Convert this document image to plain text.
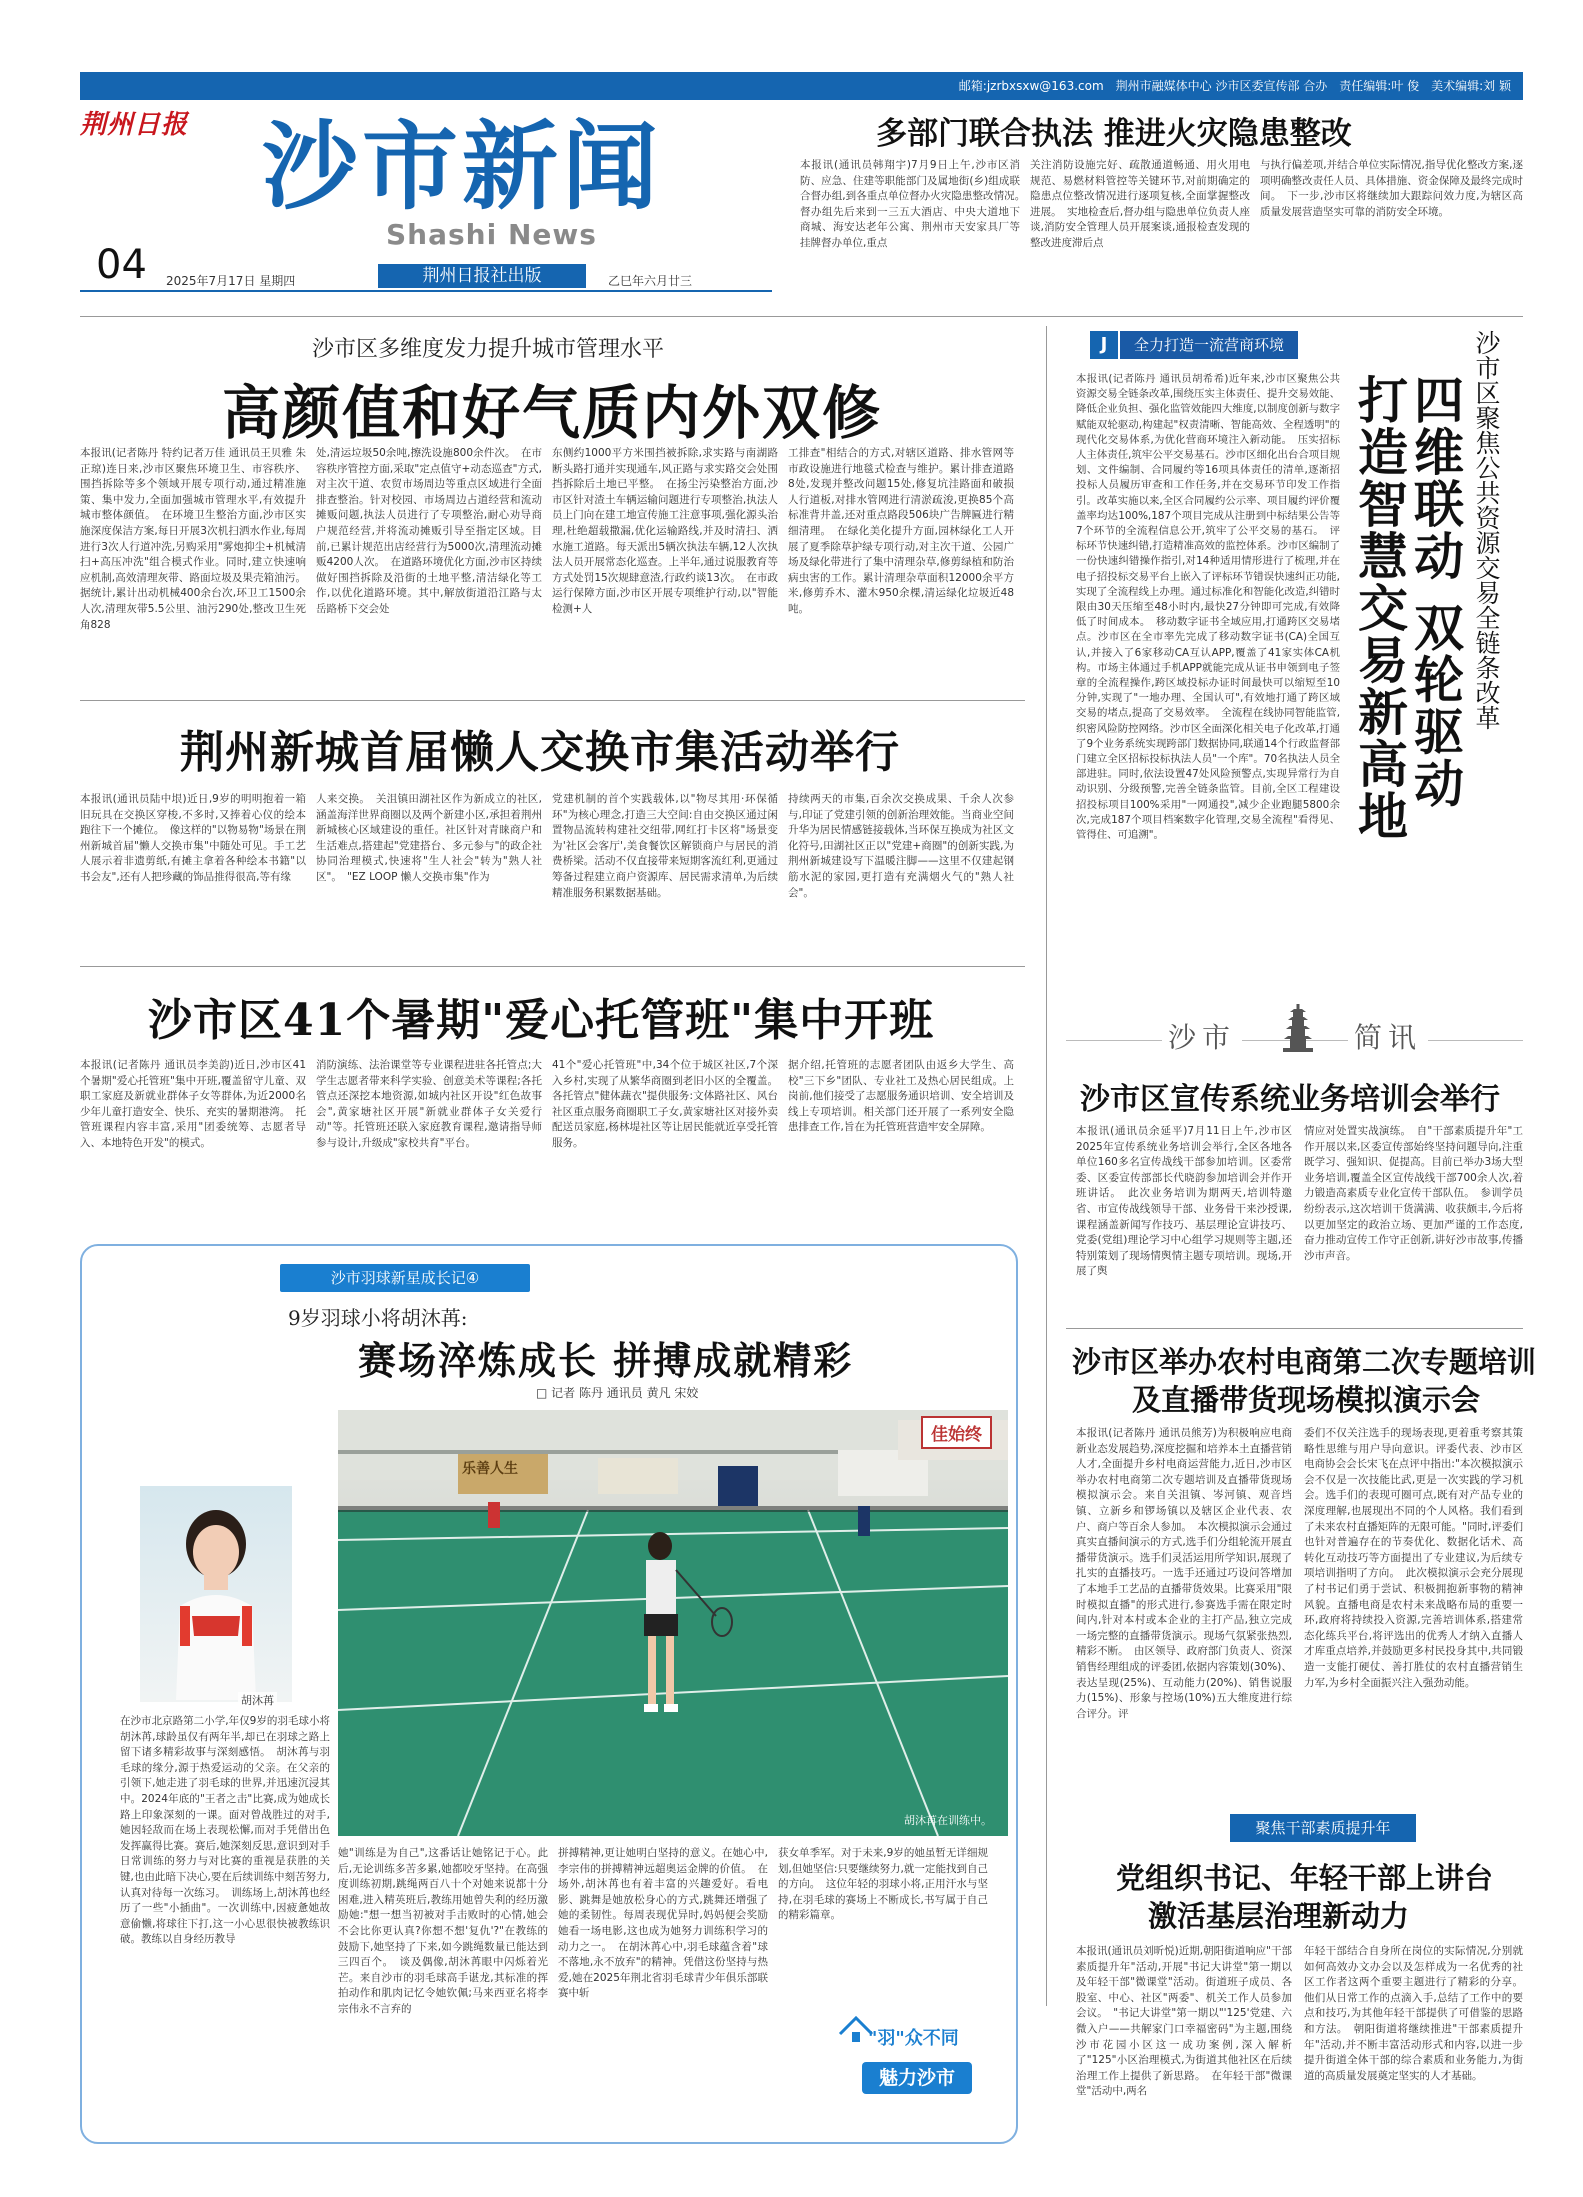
邮箱:jzrbxsxw@163.com　荆州市融媒体中心 沙市区委宣传部 合办　责任编辑:叶 俊　美术编辑:刘 颖
荆州日报 沙市新闻
Shashi News
04 2025年7月17日 星期四	荆州日报社出版	乙巳年六月廿三
多部门联合执法 推进火灾隐患整改
本报讯(通讯员韩翔宇)7月9日上午,沙市区消防、应急、住建等职能部门及属地街(乡)组成联合督办组,到各重点单位督办火灾隐患整改情况。　督办组先后来到一三五大酒店、中央大道地下商城、海安达老年公寓、荆州市天安家具厂等挂牌督办单位,重点
关注消防设施完好、疏散通道畅通、用火用电规范、易燃材料管控等关键环节,对前期确定的隐患点位整改情况进行逐项复核,全面掌握整改进展。　实地检查后,督办组与隐患单位负责人座谈,消防安全管理人员开展案谈,通报检查发现的整改进度滞后点
与执行偏差项,并结合单位实际情况,指导优化整改方案,逐项明确整改责任人员、具体措施、资金保障及最终完成时间。　下一步,沙市区将继续加大跟踪问效力度,为辖区高质量发展营造坚实可靠的消防安全环境。
沙市区多维度发力提升城市管理水平
高颜值和好气质内外双修
本报讯(记者陈丹 特约记者万佳 通讯员王贝雅 朱正琼)连日来,沙市区聚焦环境卫生、市容秩序、围挡拆除等多个领域开展专项行动,通过精准施策、集中发力,全面加强城市管理水平,有效提升城市整体颜值。　在环境卫生整治方面,沙市区实施深度保洁方案,每日开展3次机扫洒水作业,每周进行3次人行道冲洗,另购采用"雾炮抑尘+机械清扫+高压冲洗"组合模式作业。同时,建立快速响应机制,高效清理灰带、路面垃圾及果壳箱油污。据统计,累计出动机械400余台次,环卫工1500余人次,清理灰带5.5公里、油污290处,整改卫生死角828
处,清运垃圾50余吨,擦洗设施800余件次。　在市容秩序管控方面,采取"定点值守+动态巡查"方式,对主次干道、农贸市场周边等重点区域进行全面排查整治。针对校园、市场周边占道经营和流动摊贩问题,执法人员进行了专项整治,耐心劝导商户规范经营,并将流动摊贩引导至指定区域。目前,已累计规范出店经营行为5000次,清理流动摊贩4200人次。　在道路环境优化方面,沙市区持续做好围挡拆除及沿街的土地平整,清洁绿化等工作,以优化道路环境。其中,解放街道沿江路与太岳路桥下交会处
东侧约1000平方米围挡被拆除,求实路与南湖路断头路打通并实现通车,风正路与求实路交会处围挡拆除后土地已平整。　在扬尘污染整治方面,沙市区针对渣土车辆运输问题进行专项整治,执法人员上门向在建工地宣传施工注意事项,强化源头治理,杜绝超载撒漏,优化运输路线,并及时清扫、洒水施工道路。每天派出5辆次执法车辆,12人次执法人员开展常态化巡查。上半年,通过说服教育等方式处罚15次规肆意渣,行政约谈13次。　在市政运行保障方面,沙市区开展专项维护行动,以"智能检测+人
工排查"相结合的方式,对辖区道路、排水管网等市政设施进行地毯式检查与维护。累计排查道路8处,发现并整改问题15处,修复坑洼路面和破损人行道板,对排水管网进行清淤疏浚,更换85个高标准背井盖,还对重点路段506块广告牌匾进行精细清理。　在绿化美化提升方面,园林绿化工人开展了夏季除草护绿专项行动,对主次干道、公园广场及绿化带进行了集中清理杂草,修剪绿植和防治病虫害的工作。累计清理杂草面积12000余平方米,修剪乔木、灌木950余棵,清运绿化垃圾近48吨。
荆州新城首届懒人交换市集活动举行
本报讯(通讯员陆中垠)近日,9岁的明明抱着一箱旧玩具在交换区穿梭,不多时,又捧着心仪的绘本跑往下一个摊位。　像这样的"以物易物"场景在荆州新城首届"懒人交换市集"中随处可见。手工艺人展示着非遗剪纸,有摊主拿着各种绘本书籍"以书会友",还有人把珍藏的饰品推得很高,等有缘
人来交换。　关沮镇田湖社区作为新成立的社区,涵盖海洋世界商圈以及两个新建小区,承担着荆州新城核心区域建设的重任。社区针对青睐商户和生活难点,搭建起"党建搭台、多元参与"的政企社协同治理模式,快速将"生人社会"转为"熟人社区"。　"EZ LOOP 懒人交换市集"作为
党建机制的首个实践载体,以"物尽其用·环保循环"为核心理念,打造三大空间:自由交换区通过闲置物品流转构建社交纽带,网红打卡区将"场景变为'社区会客厅',美食餐饮区解锁商户与居民的消费桥梁。活动不仅直接带来短期客流红利,更通过筹备过程建立商户资源库、居民需求清单,为后续精准服务积累数据基础。
持续两天的市集,百余次交换成果、千余人次参与,印证了党建引领的创新治理效能。当商业空间升华为居民情感链接载体,当环保互换成为社区文化符号,田湖社区正以"党建+商圈"的创新实践,为荆州新城建设写下温暖注脚——这里不仅建起钢筋水泥的家园,更打造有充满烟火气的"熟人社会"。
沙市区41个暑期"爱心托管班"集中开班
本报讯(记者陈丹 通讯员李美韵)近日,沙市区41个暑期"爱心托管班"集中开班,覆盖留守儿童、双职工家庭及新就业群体子女等群体,为近2000名少年儿童打造安全、快乐、充实的暑期港湾。　托管班课程内容丰富,采用"团委统筹、志愿者导入、本地特色开发"的模式。
消防演练、法治课堂等专业课程进驻各托管点;大学生志愿者带来科学实验、创意美术等课程;各托管点还深挖本地资源,如城内社区开设"红色故事会",黄家塘社区开展"新就业群体子女关爱行动"等。托管班还联入家庭教育课程,邀请指导师参与设计,升级成"家校共育"平台。
41个"爱心托管班"中,34个位于城区社区,7个深入乡村,实现了从繁华商圈到老旧小区的全覆盖。各托管点"健体蔬衣"提供服务:文体路社区、风台社区重点服务商圈职工子女,黄家塘社区对接外卖配送员家庭,杨林堤社区等让居民能就近享受托管服务。
据介绍,托管班的志愿者团队由返乡大学生、高校"三下乡"团队、专业社工及热心居民组成。上岗前,他们接受了志愿服务通识培训、安全培训及线上专项培训。相关部门还开展了一系列安全隐患排查工作,旨在为托管班营造牢安全屏障。
J	全力打造一流营商环境	沙市区聚焦公共资源交易全链条改革
四维联动 双轮驱动
打造智慧交易新高地
本报讯(记者陈丹 通讯员胡希希)近年来,沙市区聚焦公共资源交易全链条改革,围绕压实主体责任、提升交易效能、降低企业负担、强化监管效能四大维度,以制度创新与数字赋能双轮驱动,构建起"权责清晰、智能高效、全程透明"的现代化交易体系,为优化营商环境注入新动能。　压实招标人主体责任,筑牢公平交易基石。沙市区细化出台合项目规划、文件编制、合同履约等16项具体责任的清单,逐渐招投标人员履历审查和工作任务,并在交易环节印发工作指引。改革实施以来,全区合同履约公示率、项目履约评价覆盖率均达100%,187个项目完成从注册到中标结果公告等7个环节的全流程信息公开,筑牢了公平交易的基石。　评标环节快速纠错,打造精准高效的监控体系。沙市区编制了一份快速纠错操作指引,对14种适用情形进行了梳理,并在电子招投标交易平台上嵌入了评标环节错误快速纠正功能,实现了全流程线上办理。通过标准化和智能化改造,纠错时限由30天压缩至48小时内,最快27分钟即可完成,有效降低了时间成本。　移动数字证书全域应用,打通跨区交易堵点。沙市区在全市率先完成了移动数字证书(CA)全国互认,并接入了6家移动CA互认APP,覆盖了41家实体CA机构。市场主体通过手机APP就能完成从证书申领到电子签章的全流程操作,跨区域投标办证时间最快可以缩短至10分钟,实现了"一地办理、全国认可",有效地打通了跨区域交易的堵点,提高了交易效率。　全流程在线协同智能监管,织密风险防控网络。沙市区全面深化相关电子化改革,打通了9个业务系统实现跨部门数据协同,联通14个行政监督部门建立全区招标投标执法人员"一个库"。70名执法人员全部进驻。同时,依法设置47处风险预警点,实现异常行为自动识别、分级预警,完善全链条监管。目前,全区工程建设招投标项目100%采用"一网通投",减少企业跑腿5800余次,完成187个项目档案数字化管理,交易全流程"看得见、管得住、可追溯"。
沙市	简讯
沙市区宣传系统业务培训会举行
本报讯(通讯员余延平)7月11日上午,沙市区2025年宣传系统业务培训会举行,全区各地各单位160多名宣传战线干部参加培训。区委常委、区委宣传部部长代晓韵参加培训会并作开班讲话。　此次业务培训为期两天,培训特邀省、市宣传战线领导干部、业务骨干来沙授课,课程涵盖新闻写作技巧、基层理论宣讲技巧、党委(党组)理论学习中心组学习规则等主题,还特别策划了现场情舆情主题专项培训。现场,开展了舆
情应对处置实战演练。　自"干部素质提升年"工作开展以来,区委宣传部始终坚持问题导向,注重既学习、强知识、促提高。目前已举办3场大型业务培训,覆盖全区宣传战线干部700余人次,着力锻造高素质专业化宣传干部队伍。　参训学员纷纷表示,这次培训干货满满、收获颇丰,今后将以更加坚定的政治立场、更加严谨的工作态度,奋力推动宣传工作守正创新,讲好沙市故事,传播沙市声音。
沙市区举办农村电商第二次专题培训
及直播带货现场模拟演示会
本报讯(记者陈丹 通讯员熊芳)为积极响应电商新业态发展趋势,深度挖掘和培养本土直播营销人才,全面提升乡村电商运营能力,近日,沙市区举办农村电商第二次专题培训及直播带货现场模拟演示会。来自关沮镇、岑河镇、观音垱镇、立新乡和锣场镇以及辖区企业代表、农户、商户等百余人参加。　本次模拟演示会通过真实直播间演示的方式,选手们分组轮流开展直播带货演示。选手们灵活运用所学知识,展现了扎实的直播技巧。一选手还通过巧设问答增加了本地手工艺品的直播带货效果。比赛采用"限时模拟直播"的形式进行,参赛选手需在限定时间内,针对本村或本企业的主打产品,独立完成一场完整的直播带货演示。现场气氛紧张热烈,精彩不断。　由区领导、政府部门负责人、资深销售经理组成的评委团,依据内容策划(30%)、表达呈现(25%)、互动能力(20%)、销售说服力(15%)、形象与控场(10%)五大维度进行综合评分。评
委们不仅关注选手的现场表现,更着重考察其策略性思维与用户导向意识。评委代表、沙市区电商协会会长宋飞在点评中指出:"本次模拟演示会不仅是一次技能比武,更是一次实践的学习机会。选手们的表现可圈可点,既有对产品专业的深度理解,也展现出不同的个人风格。我们看到了未来农村直播矩阵的无限可能。"同时,评委们也针对普遍存在的节奏优化、数据化话术、高转化互动技巧等方面提出了专业建议,为后续专项培训指明了方向。　此次模拟演示会充分展现了村书记们勇于尝试、积极拥抱新事物的精神风貌。直播电商是农村未来战略布局的重要一环,政府将持续投入资源,完善培训体系,搭建常态化练兵平台,将评选出的优秀人才纳入直播人才库重点培养,并鼓励更多村民投身其中,共同锻造一支能打硬仗、善打胜仗的农村直播营销生力军,为乡村全面振兴注入强劲动能。
聚焦干部素质提升年
党组织书记、年轻干部上讲台
激活基层治理新动力
本报讯(通讯员刘昕悦)近期,朝阳街道响应"干部素质提升年"活动,开展"书记大讲堂"第一期以及年轻干部"微课堂"活动。街道班子成员、各股室、中心、社区"两委"、机关工作人员参加会议。　"书记大讲堂"第一期以"'125'党建、六微入户——共解家门口幸福密码"为主题,围绕沙市花园小区这一成功案例,深入解析了"125"小区治理模式,为街道其他社区在后续治理工作上提供了新思路。　在年轻干部"微课堂"活动中,两名
年轻干部结合自身所在岗位的实际情况,分别就如何高效办文办会以及怎样成为一名优秀的社区工作者这两个重要主题进行了精彩的分享。他们从日常工作的点滴入手,总结了工作中的要点和技巧,为其他年轻干部提供了可借鉴的思路和方法。　朝阳街道将继续推进"干部素质提升年"活动,并不断丰富活动形式和内容,以进一步提升街道全体干部的综合素质和业务能力,为街道的高质量发展奠定坚实的人才基础。
沙市羽球新星成长记④
9岁羽球小将胡沐苒:
赛场淬炼成长 拼搏成就精彩
□ 记者 陈丹 通讯员 黄凡 宋姣
胡沐苒
佳始终
乐善人生
胡沐苒在训练中。
在沙市北京路第二小学,年仅9岁的羽毛球小将胡沐苒,球龄虽仅有两年半,却已在羽球之路上留下诸多精彩故事与深刻感悟。　胡沐苒与羽毛球的缘分,源于热爱运动的父亲。在父亲的引领下,她走进了羽毛球的世界,并迅速沉浸其中。2024年底的"王者之击"比赛,成为她成长路上印象深刻的一课。面对曾战胜过的对手,她因轻敌而在场上表现松懈,而对手凭借出色发挥赢得比赛。赛后,她深刻反思,意识到对手日常训练的努力与对比赛的重视是获胜的关键,也由此暗下决心,要在后续训练中刻苦努力,认真对待每一次练习。　训练场上,胡沐苒也经历了一些"小插曲"。一次训练中,因疲惫她故意偷懒,将球往下打,这一小心思很快被教练识破。教练以自身经历教导
她"训练是为自己",这番话让她铭记于心。此后,无论训练多苦多累,她都咬牙坚持。在高强度训练初期,跳绳两百八十个对她来说都十分困难,进入精英班后,教练用她曾失利的经历激励她:"想一想当初被对手击败时的心情,她会不会比你更认真?你想不想'复仇'?"在教练的鼓励下,她坚持了下来,如今跳绳数量已能达到三四百个。　谈及偶像,胡沐苒眼中闪烁着光芒。来自沙市的羽毛球高手谌龙,其标准的挥拍动作和肌肉记忆令她钦佩;马来西亚名将李宗伟永不言弃的
拼搏精神,更让她明白坚持的意义。在她心中,李宗伟的拼搏精神远超奥运金牌的价值。　在场外,胡沐苒也有着丰富的兴趣爱好。看电影、跳舞是她放松身心的方式,跳舞还增强了她的柔韧性。每周表现优异时,妈妈便会奖励她看一场电影,这也成为她努力训练积学习的动力之一。　在胡沐苒心中,羽毛球蕴含着"球不落地,永不放弃"的精神。凭借这份坚持与热爱,她在2025年荆北省羽毛球青少年俱乐部联赛中斩
获女单季军。对于未来,9岁的她虽暂无详细规划,但她坚信:只要继续努力,就一定能找到自己的方向。　这位年轻的羽球小将,正用汗水与坚持,在羽毛球的赛场上不断成长,书写属于自己的精彩篇章。
"羽"众不同
魅力沙市
